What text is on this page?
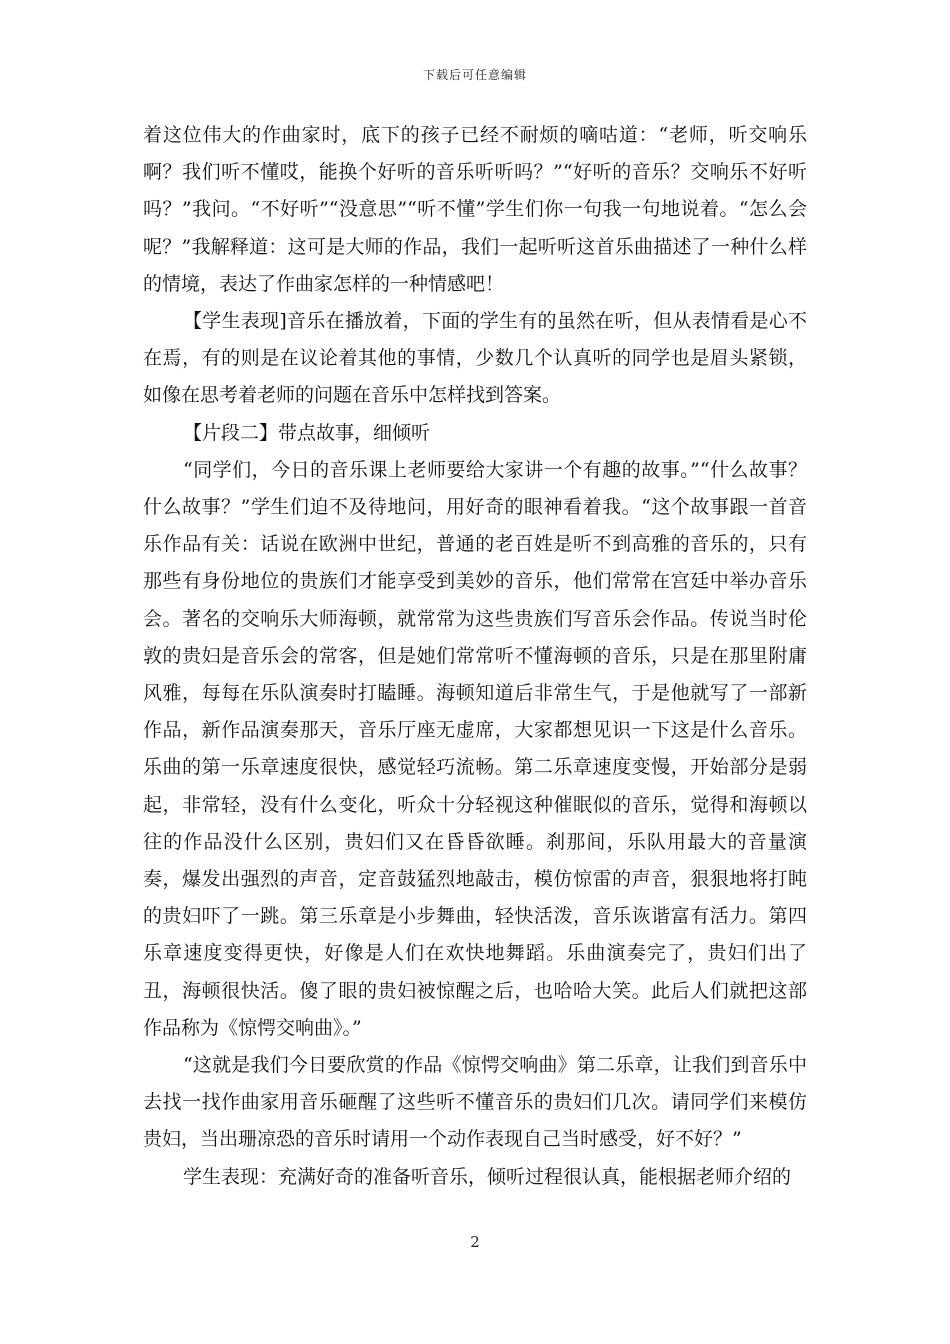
下载后可任意编辑

着这位伟大的作曲家时，底下的孩子已经不耐烦的嘀咕道：“老师，听交响乐啊？我们听不懂哎，能换个好听的音乐听听吗？”“好听的音乐？交响乐不好听吗？”我问。“不好听”“没意思”“听不懂”学生们你一句我一句地说着。“怎么会呢？”我解释道：这可是大师的作品，我们一起听听这首乐曲描述了一种什么样的情境，表达了作曲家怎样的一种情感吧！

【学生表现]音乐在播放着，下面的学生有的虽然在听，但从表情看是心不在焉，有的则是在议论着其他的事情，少数几个认真听的同学也是眉头紧锁，如像在思考着老师的问题在音乐中怎样找到答案。

【片段二】带点故事，细倾听

“同学们，今日的音乐课上老师要给大家讲一个有趣的故事。”“什么故事？什么故事？”学生们迫不及待地问，用好奇的眼神看着我。“这个故事跟一首音乐作品有关：话说在欧洲中世纪，普通的老百姓是听不到高雅的音乐的，只有那些有身份地位的贵族们才能享受到美妙的音乐，他们常常在宫廷中举办音乐会。著名的交响乐大师海顿，就常常为这些贵族们写音乐会作品。传说当时伦敦的贵妇是音乐会的常客，但是她们常常听不懂海顿的音乐，只是在那里附庸风雅，每每在乐队演奏时打瞌睡。海顿知道后非常生气，于是他就写了一部新作品，新作品演奏那天，音乐厅座无虚席，大家都想见识一下这是什么音乐。乐曲的第一乐章速度很快，感觉轻巧流畅。第二乐章速度变慢，开始部分是弱起，非常轻，没有什么变化，听众十分轻视这种催眠似的音乐，觉得和海顿以往的作品没什么区别，贵妇们又在昏昏欲睡。刹那间，乐队用最大的音量演奏，爆发出强烈的声音，定音鼓猛烈地敲击，模仿惊雷的声音，狠狠地将打盹的贵妇吓了一跳。第三乐章是小步舞曲，轻快活泼，音乐诙谐富有活力。第四乐章速度变得更快，好像是人们在欢快地舞蹈。乐曲演奏完了，贵妇们出了丑，海顿很快活。傻了眼的贵妇被惊醒之后，也哈哈大笑。此后人们就把这部作品称为《惊愕交响曲》。”

“这就是我们今日要欣赏的作品《惊愕交响曲》第二乐章，让我们到音乐中去找一找作曲家用音乐砸醒了这些听不懂音乐的贵妇们几次。请同学们来模仿贵妇，当出珊凉恐的音乐时请用一个动作表现自己当时感受，好不好？”

学生表现：充满好奇的准备听音乐，倾听过程很认真，能根据老师介绍的

2
